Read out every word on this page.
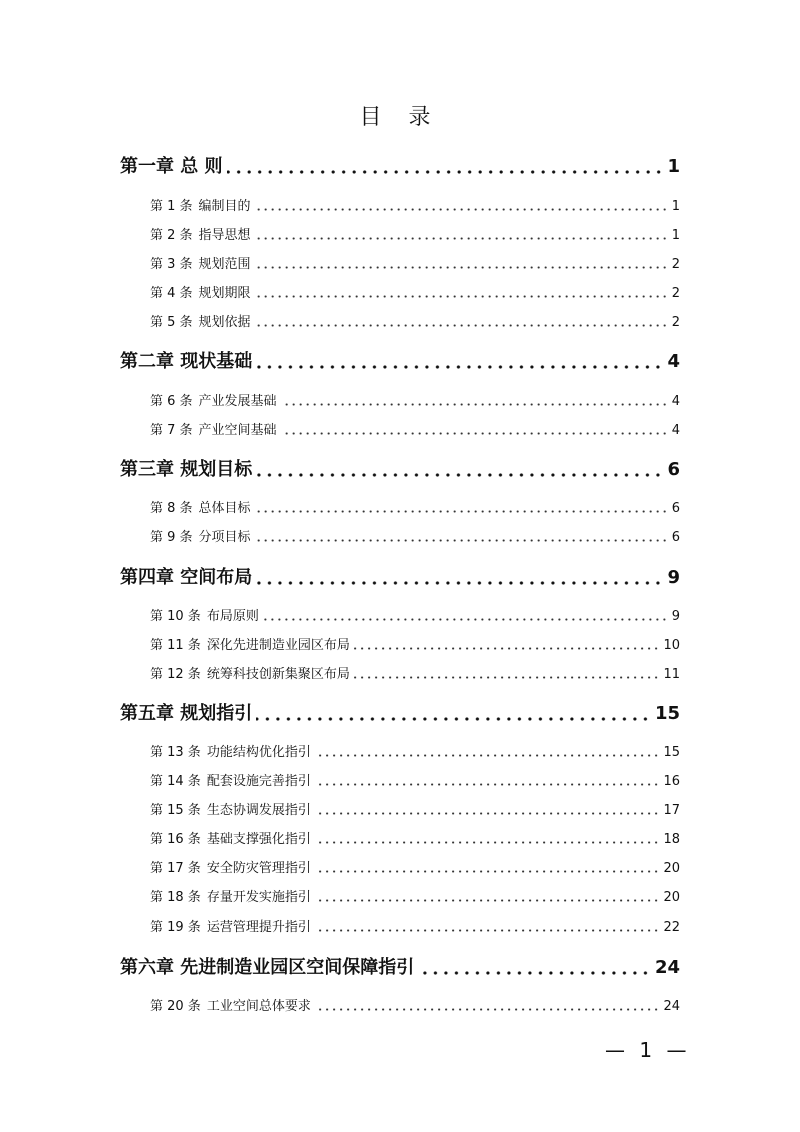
目 录
第一章 总 则	1
第 1 条 编制目的	1
第 2 条 指导思想	1
第 3 条 规划范围	2
第 4 条 规划期限	2
第 5 条 规划依据	2
第二章 现状基础	4
第 6 条 产业发展基础	4
第 7 条 产业空间基础	4
第三章 规划目标	6
第 8 条 总体目标	6
第 9 条 分项目标	6
第四章 空间布局	9
第 10 条 布局原则	9
第 11 条 深化先进制造业园区布局	10
第 12 条 统筹科技创新集聚区布局	11
第五章 规划指引	15
第 13 条 功能结构优化指引	15
第 14 条 配套设施完善指引	16
第 15 条 生态协调发展指引	17
第 16 条 基础支撑强化指引	18
第 17 条 安全防灾管理指引	20
第 18 条 存量开发实施指引	20
第 19 条 运营管理提升指引	22
第六章 先进制造业园区空间保障指引	24
第 20 条 工业空间总体要求	24
— 1 —
